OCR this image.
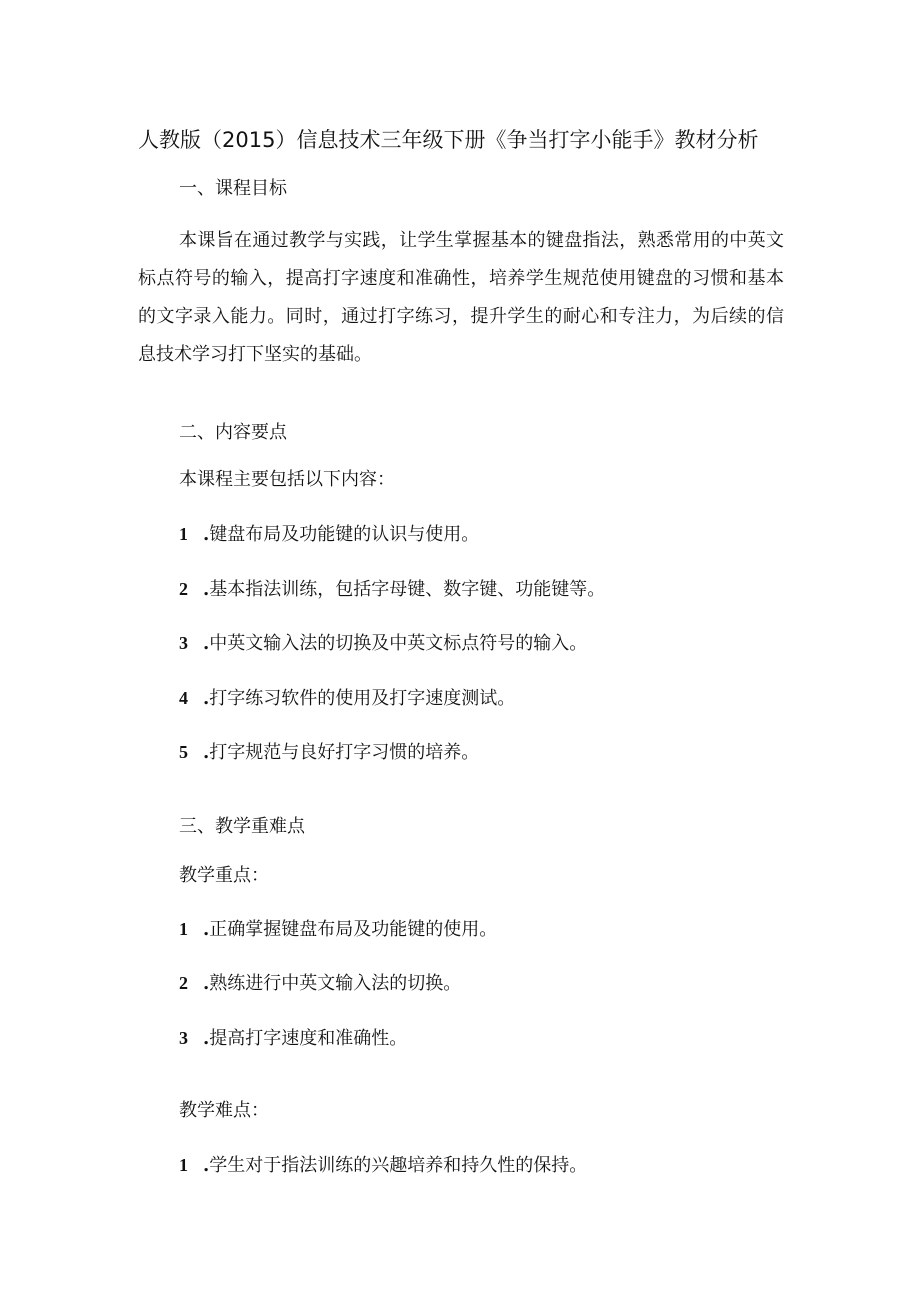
人教版（2015）信息技术三年级下册《争当打字小能手》教材分析
一、课程目标
本课旨在通过教学与实践，让学生掌握基本的键盘指法，熟悉常用的中英文标点符号的输入，提高打字速度和准确性，培养学生规范使用键盘的习惯和基本的文字录入能力。同时，通过打字练习，提升学生的耐心和专注力，为后续的信息技术学习打下坚实的基础。
二、内容要点
本课程主要包括以下内容：
1 .键盘布局及功能键的认识与使用。
2 .基本指法训练，包括字母键、数字键、功能键等。
3 .中英文输入法的切换及中英文标点符号的输入。
4 .打字练习软件的使用及打字速度测试。
5 .打字规范与良好打字习惯的培养。
三、教学重难点
教学重点：
1 .正确掌握键盘布局及功能键的使用。
2 .熟练进行中英文输入法的切换。
3 .提高打字速度和准确性。
教学难点：
1 .学生对于指法训练的兴趣培养和持久性的保持。
